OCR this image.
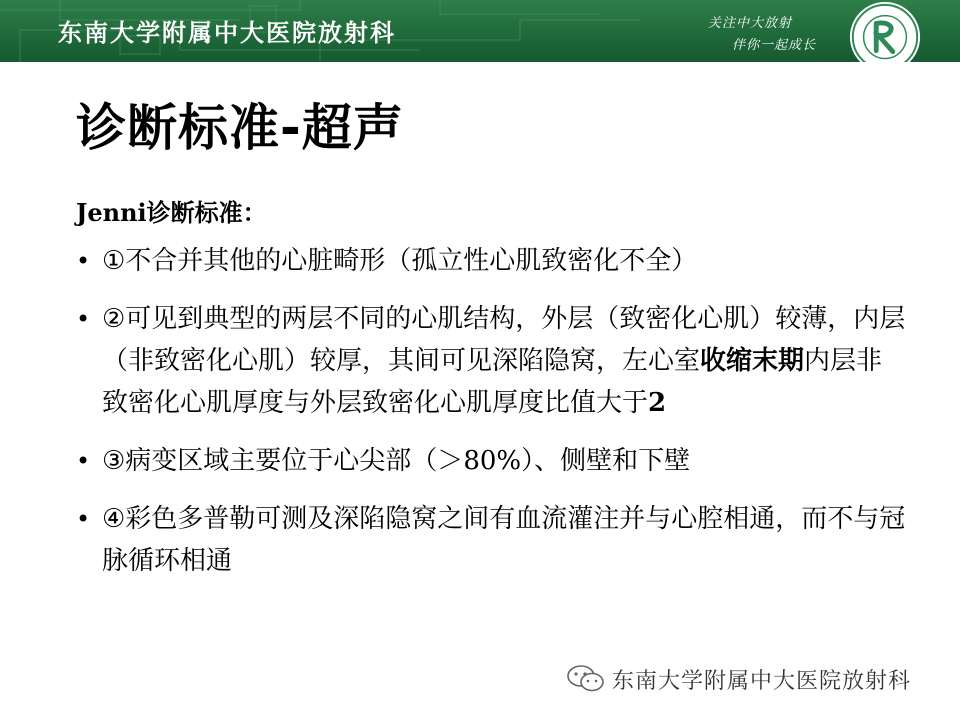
东南大学附属中大医院放射科	关注中大放射
伴你一起成长
诊断标准-超声
Jenni诊断标准：
• ①不合并其他的心脏畸形（孤立性心肌致密化不全）
• ②可见到典型的两层不同的心肌结构，外层（致密化心肌）较薄，内层（非致密化心肌）较厚，其间可见深陷隐窝，左心室收缩末期内层非致密化心肌厚度与外层致密化心肌厚度比值大于2
• ③病变区域主要位于心尖部（＞80%）、侧壁和下壁
• ④彩色多普勒可测及深陷隐窝之间有血流灌注并与心腔相通，而不与冠脉循环相通
东南大学附属中大医院放射科
